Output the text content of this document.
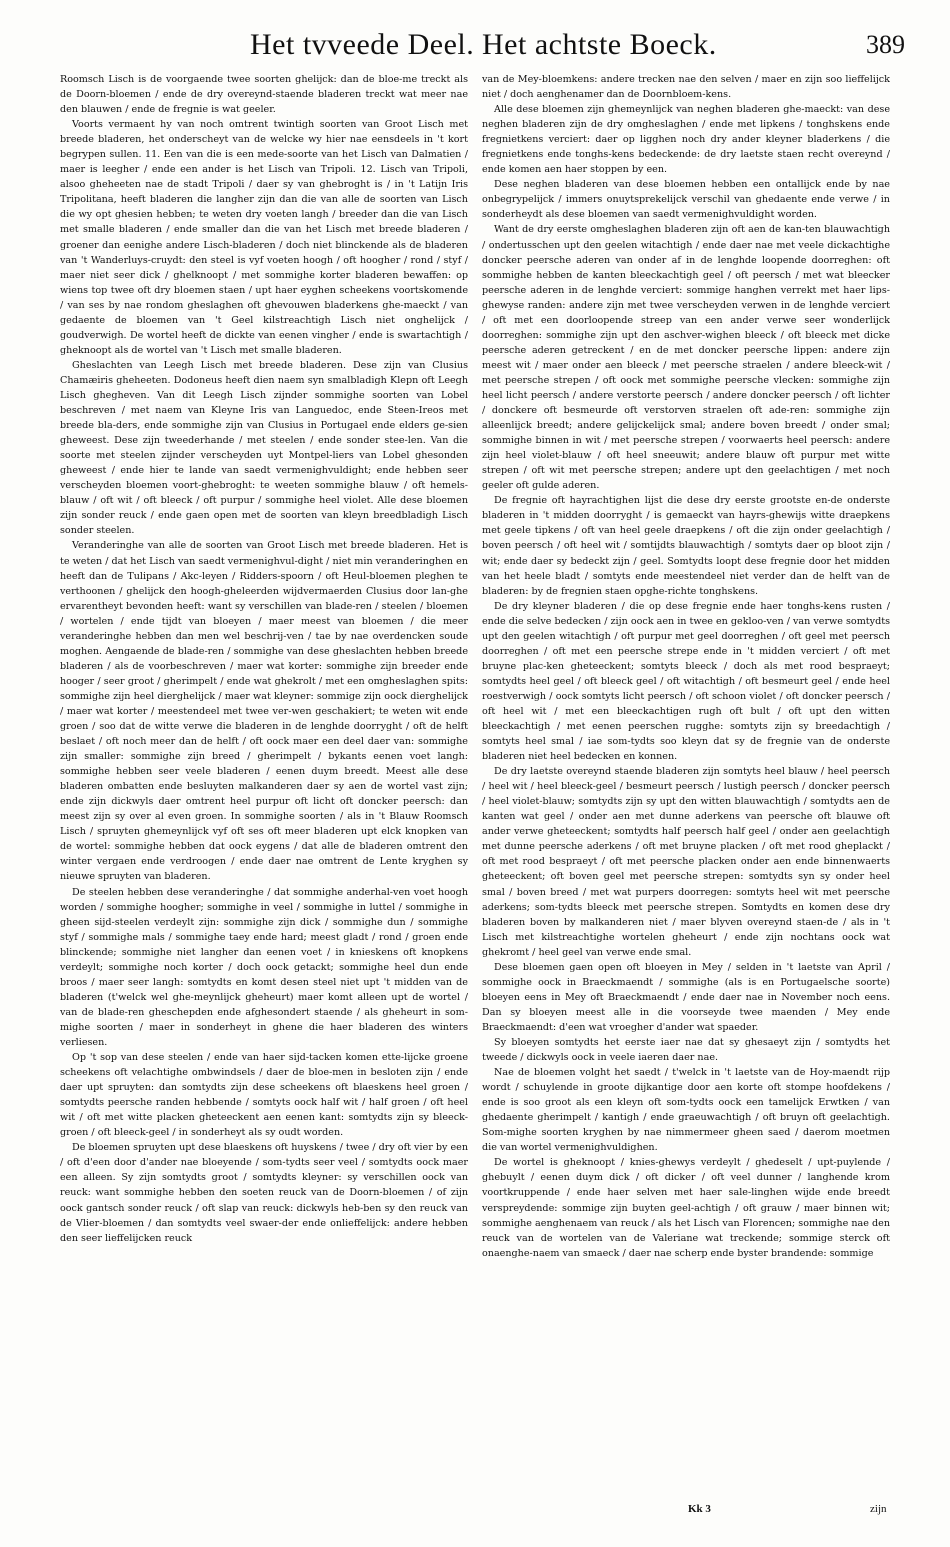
Het tvveede Deel. Het achtste Boeck.	389

Roomsch Lisch is de voorgaende twee soorten ghelijck: dan de bloe-me treckt als de Doorn-bloemen / ende de dry overeynd-staende bladeren treckt wat meer nae den blauwen / ende de fregnie is wat geeler.

Voorts vermaent hy van noch omtrent twintigh soorten van Groot Lisch met breede bladeren, het onderscheyt van de welcke wy hier nae eensdeels in 't kort begrypen sullen. 11. Een van die is een mede-soorte van het Lisch van Dalmatien / maer is leegher / ende een ander is het Lisch van Tripoli. 12. Lisch van Tripoli, alsoo gheheeten nae de stadt Tripoli / daer sy van ghebroght is / in 't Latijn Iris Tripolitana, heeft bladeren die langher zijn dan die van alle de soorten van Lisch die wy opt ghesien hebben; te weten dry voeten langh / breeder dan die van Lisch met smalle bladeren / ende smaller dan die van het Lisch met breede bladeren / groener dan eenighe andere Lisch-bladeren / doch niet blinckende als de bladeren van 't Wanderluys-cruydt: den steel is vyf voeten hoogh / oft hoogher / rond / styf / maer niet seer dick / ghelknoopt / met sommighe korter bladeren bewaffen: op wiens top twee oft dry bloemen staen / upt haer eyghen scheekens voortskomende / van ses by nae rondom gheslaghen oft ghevouwen bladerkens ghe-maeckt / van gedaente de bloemen van 't Geel kilstreachtigh Lisch niet onghelijck / goudverwigh. De wortel heeft de dickte van eenen vingher / ende is swartachtigh / gheknoopt als de wortel van 't Lisch met smalle bladeren.

Gheslachten van Leegh Lisch met breede bladeren. Dese zijn van Clusius Chamæiris gheheeten. Dodoneus heeft dien naem syn smalbladigh Klepn oft Leegh Lisch ghegheven. Van dit Leegh Lisch zijnder sommighe soorten van Lobel beschreven / met naem van Kleyne Iris van Languedoc, ende Steen-Ireos met breede bla-ders, ende sommighe zijn van Clusius in Portugael ende elders ge-sien gheweest. Dese zijn tweederhande / met steelen / ende sonder stee-len. Van die soorte met steelen zijnder verscheyden uyt Montpel-liers van Lobel ghesonden gheweest / ende hier te lande van saedt vermenighvuldight; ende hebben seer verscheyden bloemen voort-ghebroght: te weeten sommighe blauw / oft hemels-blauw / oft wit / oft bleeck / oft purpur / sommighe heel violet. Alle dese bloemen zijn sonder reuck / ende gaen open met de soorten van kleyn breedbladigh Lisch sonder steelen.

Veranderinghe van alle de soorten van Groot Lisch met breede bladeren. Het is te weten / dat het Lisch van saedt vermenighvul-dight / niet min veranderinghen en heeft dan de Tulipans / Akc-leyen / Ridders-spoorn / oft Heul-bloemen pleghen te verthoonen / ghelijck den hoogh-gheleerden wijdvermaerden Clusius door lan-ghe ervarentheyt bevonden heeft: want sy verschillen van blade-ren / steelen / bloemen / wortelen / ende tijdt van bloeyen / maer meest van bloemen / die meer veranderinghe hebben dan men wel beschrij-ven / tae by nae overdencken soude moghen. Aengaende de blade-ren / sommighe van dese gheslachten hebben breede bladeren / als de voorbeschreven / maer wat korter: sommighe zijn breeder ende hooger / seer groot / gherimpelt / ende wat ghekrolt / met een omgheslaghen spits: sommighe zijn heel dierghelijck / maer wat kleyner: sommige zijn oock dierghelijck / maer wat korter / meestendeel met twee ver-wen geschakiert; te weten wit ende groen / soo dat de witte verwe die bladeren in de lenghde doorryght / oft de helft beslaet / oft noch meer dan de helft / oft oock maer een deel daer van: sommighe zijn smaller: sommighe zijn breed / gherimpelt / bykants eenen voet langh: sommighe hebben seer veele bladeren / eenen duym breedt. Meest alle dese bladeren ombatten ende besluyten malkanderen daer sy aen de wortel vast zijn; ende zijn dickwyls daer omtrent heel purpur oft licht oft doncker peersch: dan meest zijn sy over al even groen. In sommighe soorten / als in 't Blauw Roomsch Lisch / spruyten ghemeynlijck vyf oft ses oft meer bladeren upt elck knopken van de wortel: sommighe hebben dat oock eygens / dat alle de bladeren omtrent den winter vergaen ende verdroogen / ende daer nae omtrent de Lente kryghen sy nieuwe spruyten van bladeren.

De steelen hebben dese veranderinghe / dat sommighe anderhal-ven voet hoogh worden / sommighe hoogher; sommighe in veel / sommighe in luttel / sommighe in gheen sijd-steelen verdeylt zijn: sommighe zijn dick / sommighe dun / sommighe styf / sommighe mals / sommighe taey ende hard; meest gladt / rond / groen ende blinckende; sommighe niet langher dan eenen voet / in knieskens oft knopkens verdeylt; sommighe noch korter / doch oock getackt; sommighe heel dun ende broos / maer seer langh: somtydts en komt desen steel niet upt 't midden van de bladeren (t'welck wel ghe-meynlijck gheheurt) maer komt alleen upt de wortel / van de blade-ren gheschepden ende afghesondert staende / als gheheurt in som-mighe soorten / maer in sonderheyt in ghene die haer bladeren des winters verliesen.

Op 't sop van dese steelen / ende van haer sijd-tacken komen ette-lijcke groene scheekens oft velachtighe ombwindsels / daer de bloe-men in besloten zijn / ende daer upt spruyten: dan somtydts zijn dese scheekens oft blaeskens heel groen / somtydts peersche randen hebbende / somtyts oock half wit / half groen / oft heel wit / oft met witte placken gheteeckent aen eenen kant: somtydts zijn sy bleeck-groen / oft bleeck-geel / in sonderheyt als sy oudt worden.

De bloemen spruyten upt dese blaeskens oft huyskens / twee / dry oft vier by een / oft d'een door d'ander nae bloeyende / som-tydts seer veel / somtydts oock maer een alleen. Sy zijn somtydts groot / somtydts kleyner: sy verschillen oock van reuck: want sommighe hebben den soeten reuck van de Doorn-bloemen / of zijn oock gantsch sonder reuck / oft slap van reuck: dickwyls heb-ben sy den reuck van de Vlier-bloemen / dan somtydts veel swaer-der ende onlieffelijck: andere hebben den seer lieffelijcken reuck

van de Mey-bloemkens: andere trecken nae den selven / maer en zijn soo lieffelijck niet / doch aenghenamer dan de Doornbloem-kens.

Alle dese bloemen zijn ghemeynlijck van neghen bladeren ghe-maeckt: van dese neghen bladeren zijn de dry omgheslaghen / ende met lipkens / tonghskens ende fregnietkens verciert: daer op ligghen noch dry ander kleyner bladerkens / die fregnietkens ende tonghs-kens bedeckende: de dry laetste staen recht overeynd / ende komen aen haer stoppen by een.

Dese neghen bladeren van dese bloemen hebben een ontallijck ende by nae onbegrypelijck / immers onuytsprekelijck verschil van ghedaente ende verwe / in sonderheydt als dese bloemen van saedt vermenighvuldight worden.

Want de dry eerste omgheslaghen bladeren zijn oft aen de kan-ten blauwachtigh / ondertusschen upt den geelen witachtigh / ende daer nae met veele dickachtighe doncker peersche aderen van onder af in de lenghde loopende doorreghen: oft sommighe hebben de kanten bleeckachtigh geel / oft peersch / met wat bleecker peersche aderen in de lenghde verciert: sommige hanghen verrekt met haer lips-ghewyse randen: andere zijn met twee verscheyden verwen in de lenghde verciert / oft met een doorloopende streep van een ander verwe seer wonderlijck doorreghen: sommighe zijn upt den aschver-wighen bleeck / oft bleeck met dicke peersche aderen getreckent / en de met doncker peersche lippen: andere zijn meest wit / maer onder aen bleeck / met peersche straelen / andere bleeck-wit / met peersche strepen / oft oock met sommighe peersche vlecken: sommighe zijn heel licht peersch / andere verstorte peersch / andere doncker peersch / oft lichter / donckere oft besmeurde oft verstorven straelen oft ade-ren: sommighe zijn alleenlijck breedt; andere gelijckelijck smal; andere boven breedt / onder smal; sommighe binnen in wit / met peersche strepen / voorwaerts heel peersch: andere zijn heel violet-blauw / oft heel sneeuwit; andere blauw oft purpur met witte strepen / oft wit met peersche strepen; andere upt den geelachtigen / met noch geeler oft gulde aderen.

De fregnie oft hayrachtighen lijst die dese dry eerste grootste en-de onderste bladeren in 't midden doorryght / is gemaeckt van hayrs-ghewijs witte draepkens met geele tipkens / oft van heel geele draepkens / oft die zijn onder geelachtigh / boven peersch / oft heel wit / somtijdts blauwachtigh / somtyts daer op bloot zijn / wit; ende daer sy bedeckt zijn / geel. Somtydts loopt dese fregnie door het midden van het heele bladt / somtyts ende meestendeel niet verder dan de helft van de bladeren: by de fregnien staen opghe-richte tonghskens.

De dry kleyner bladeren / die op dese fregnie ende haer tonghs-kens rusten / ende die selve bedecken / zijn oock aen in twee en gekloo-ven / van verwe somtydts upt den geelen witachtigh / oft purpur met geel doorreghen / oft geel met peersch doorreghen / oft met een peersche strepe ende in 't midden verciert / oft met bruyne plac-ken gheteeckent; somtyts bleeck / doch als met rood bespraeyt; somtydts heel geel / oft bleeck geel / oft witachtigh / oft besmeurt geel / ende heel roestverwigh / oock somtyts licht peersch / oft schoon violet / oft doncker peersch / oft heel wit / met een bleeckachtigen rugh oft bult / oft upt den witten bleeckachtigh / met eenen peerschen rugghe: somtyts zijn sy breedachtigh / somtyts heel smal / iae som-tydts soo kleyn dat sy de fregnie van de onderste bladeren niet heel bedecken en konnen.

De dry laetste overeynd staende bladeren zijn somtyts heel blauw / heel peersch / heel wit / heel bleeck-geel / besmeurt peersch / lustigh peersch / doncker peersch / heel violet-blauw; somtydts zijn sy upt den witten blauwachtigh / somtydts aen de kanten wat geel / onder aen met dunne aderkens van peersche oft blauwe oft ander verwe gheteeckent; somtydts half peersch half geel / onder aen geelachtigh met dunne peersche aderkens / oft met bruyne placken / oft met rood gheplackt / oft met rood bespraeyt / oft met peersche placken onder aen ende binnenwaerts gheteeckent; oft boven geel met peersche strepen: somtydts syn sy onder heel smal / boven breed / met wat purpers doorregen: somtyts heel wit met peersche aderkens; som-tydts bleeck met peersche strepen. Somtydts en komen dese dry bladeren boven by malkanderen niet / maer blyven overeynd staen-de / als in 't Lisch met kilstreachtighe wortelen gheheurt / ende zijn nochtans oock wat ghekromt / heel geel van verwe ende smal.

Dese bloemen gaen open oft bloeyen in Mey / selden in 't laetste van April / sommighe oock in Braeckmaendt / sommighe (als is en Portugaelsche soorte) bloeyen eens in Mey oft Braeckmaendt / ende daer nae in November noch eens. Dan sy bloeyen meest alle in die voorseyde twee maenden / Mey ende Braeckmaendt: d'een wat vroegher d'ander wat spaeder.

Sy bloeyen somtydts het eerste iaer nae dat sy ghesaeyt zijn / somtydts het tweede / dickwyls oock in veele iaeren daer nae.

Nae de bloemen volght het saedt / t'welck in 't laetste van de Hoy-maendt rijp wordt / schuylende in groote dijkantige door aen korte oft stompe hoofdekens / ende is soo groot als een kleyn oft som-tydts oock een tamelijck Erwtken / van ghedaente gherimpelt / kantigh / ende graeuwachtigh / oft bruyn oft geelachtigh. Som-mighe soorten kryghen by nae nimmermeer gheen saed / daerom moetmen die van wortel vermenighvuldighen.

De wortel is gheknoopt / knies-ghewys verdeylt / ghedeselt / upt-puylende / ghebuylt / eenen duym dick / oft dicker / oft veel dunner / langhende krom voortkruppende / ende haer selven met haer sale-linghen wijde ende breedt verspreydende: sommige zijn buyten geel-achtigh / oft grauw / maer binnen wit; sommighe aenghenaem van reuck / als het Lisch van Florencen; sommighe nae den reuck van de wortelen van de Valeriane wat treckende; sommige sterck oft onaenghe-naem van smaeck / daer nae scherp ende byster brandende: sommige

Kk 3	zijn
